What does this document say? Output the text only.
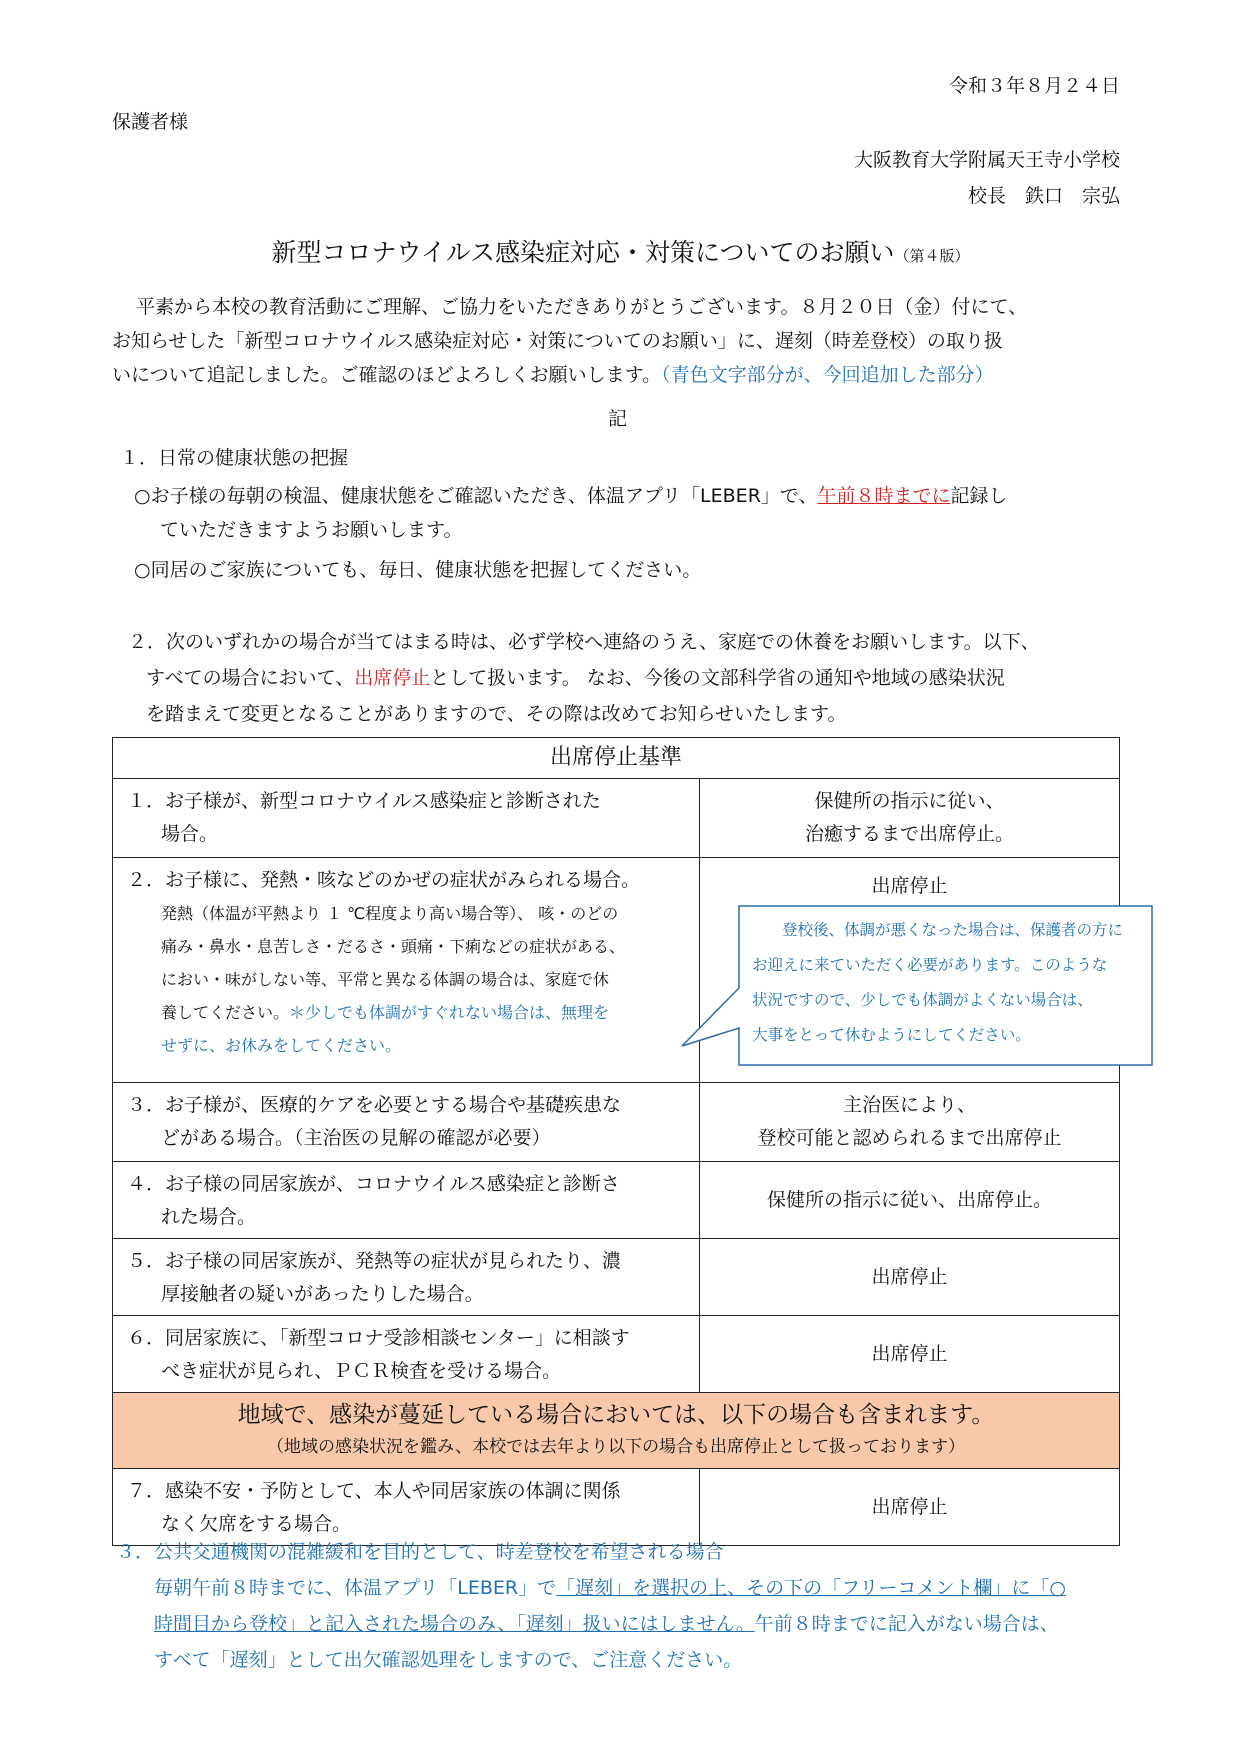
令和３年８月２４日
保護者様
大阪教育大学附属天王寺小学校
校長　鉄口　宗弘
新型コロナウイルス感染症対応・対策についてのお願い（第４版）
平素から本校の教育活動にご理解、ご協力をいただきありがとうございます。８月２０日（金）付にて、
お知らせした「新型コロナウイルス感染症対応・対策についてのお願い」に、遅刻（時差登校）の取り扱
いについて追記しました。ご確認のほどよろしくお願いします。（青色文字部分が、今回追加した部分）
記
１．日常の健康状態の把握
○お子様の毎朝の検温、健康状態をご確認いただき、体温アプリ「LEBER」で、午前８時までに記録し
ていただきますようお願いします。
○同居のご家族についても、毎日、健康状態を把握してください。
２．次のいずれかの場合が当てはまる時は、必ず学校へ連絡のうえ、家庭での休養をお願いします。以下、
すべての場合において、出席停止として扱います。 なお、今後の文部科学省の通知や地域の感染状況
を踏まえて変更となることがありますので、その際は改めてお知らせいたします。
出席停止基準
１．お子様が、新型コロナウイルス感染症と診断された
場合。
保健所の指示に従い、
治癒するまで出席停止。
２．お子様に、発熱・咳などのかぜの症状がみられる場合。
発熱（体温が平熱より １ ℃程度より高い場合等）、 咳・のどの
痛み・鼻水・息苦しさ・だるさ・頭痛・下痢などの症状がある、
におい・味がしない等、平常と異なる体調の場合は、家庭で休
養してください。＊少しでも体調がすぐれない場合は、無理を
せずに、お休みをしてください。
出席停止
３．お子様が、医療的ケアを必要とする場合や基礎疾患な
どがある場合。（主治医の見解の確認が必要）
主治医により、
登校可能と認められるまで出席停止
４．お子様の同居家族が、コロナウイルス感染症と診断さ
れた場合。
保健所の指示に従い、出席停止。
５．お子様の同居家族が、発熱等の症状が見られたり、濃
厚接触者の疑いがあったりした場合。
出席停止
６．同居家族に、「新型コロナ受診相談センター」に相談す
べき症状が見られ、ＰＣＲ検査を受ける場合。
出席停止
地域で、感染が蔓延している場合においては、以下の場合も含まれます。
（地域の感染状況を鑑み、本校では去年より以下の場合も出席停止として扱っております）
７．感染不安・予防として、本人や同居家族の体調に関係
なく欠席をする場合。
出席停止
登校後、体調が悪くなった場合は、保護者の方に
お迎えに来ていただく必要があります。このような
状況ですので、少しでも体調がよくない場合は、
大事をとって休むようにしてください。
３．公共交通機関の混雑緩和を目的として、時差登校を希望される場合
毎朝午前８時までに、体温アプリ「LEBER」で「遅刻」を選択の上、その下の「フリーコメント欄」に「○
時間目から登校」と記入された場合のみ、「遅刻」扱いにはしません。午前８時までに記入がない場合は、
すべて「遅刻」として出欠確認処理をしますので、ご注意ください。
